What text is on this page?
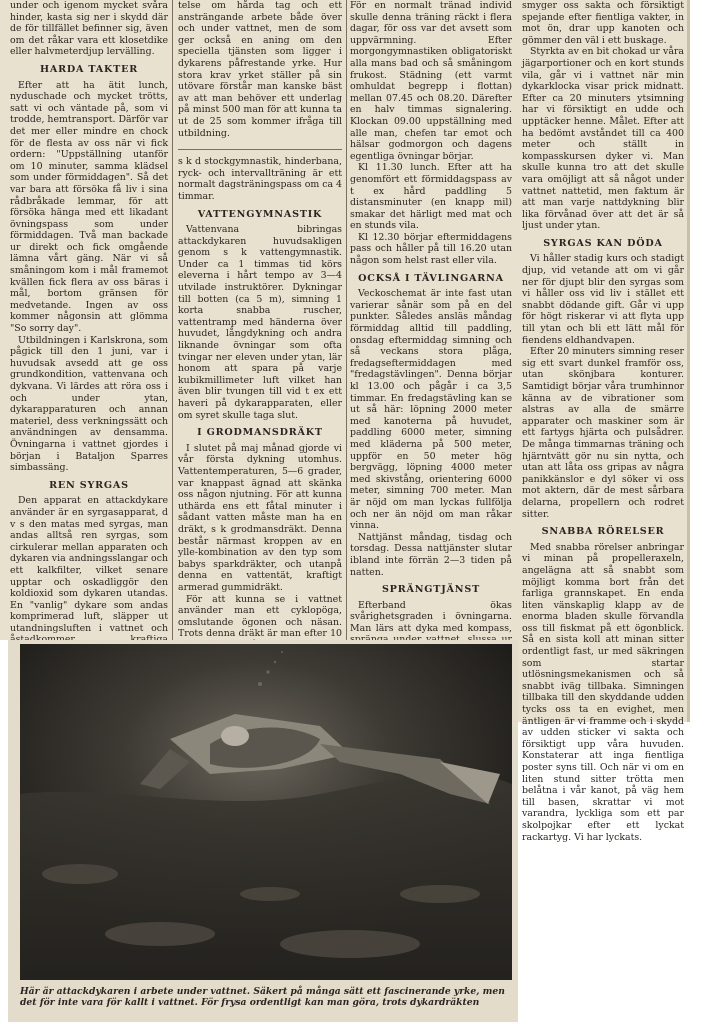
under och igenom mycket svåra hinder, kasta sig ner i skydd där de för tillfället befinner sig, även om det råkar vara ett klosetdike eller halvmeterdjup lervälling.

HARDA TAKTER

Efter att ha ätit lunch, nyduschade och mycket trötts, satt vi och väntade på, som vi trodde, hemtransport. Därför var det mer eller mindre en chock för de flesta av oss när vi fick ordern: "Uppställning utanför om 10 minuter, samma klädsel som under förmiddagen". Så det var bara att försöka få liv i sina rådbråkade lemmar, för att försöka hänga med ett likadant övningspass som under förmiddagen. Två man backade ur direkt och fick omgående lämna vårt gäng. När vi så småningom kom i mål framemot kvällen fick flera av oss bäras i mål, bortom gränsen för medvetande. Ingen av oss kommer någonsin att glömma "So sorry day".

Utbildningen i Karlskrona, som pågick till den 1 juni, var i huvudsak avsedd att ge oss grundkondition, vattenvana och dykvana. Vi lärdes att röra oss i och under ytan, dykarapparaturen och annan materiel, dess verkningssätt och användningen av densamma. Övningarna i vattnet gjordes i början i Bataljon Sparres simbassäng.

REN SYRGAS

Den apparat en attackdykare använder är en syrgasapparat, d v s den matas med syrgas, man andas alltså ren syrgas, som cirkulerar mellan apparaten och dykaren via andningsslangar och ett kalkfilter, vilket senare upptar och oskadliggör den koldioxid som dykaren utandas. En "vanlig" dykare som andas komprimerad luft, släpper ut utandningsluften i vattnet och

telse om hårda tag och ett ansträngande arbete både över och under vattnet, men de som ger också en aning om den speciella tjänsten som ligger i dykarens påfrestande yrke. Hur stora krav yrket ställer på sin utövare förstår man kanske bäst av att man behöver ett underlag på minst 500 man för att kunna ta ut de 25 som kommer ifråga till utbildning.

s k d stockgymnastik, hinderbana, ryck- och intervallträning är ett normalt dagsträningspass om ca 4 timmar.

VATTENGYMNASTIK

Vattenvana bibringas attackdykaren huvudsakligen genom s k vattengymnastik. Under ca 1 timmas tid körs eleverna i hårt tempo av 3—4 utvilade instruktörer. Dykningar till botten (ca 5 m), simning 1 korta snabba ruscher, vattentramp med händerna över huvudet, långdykning och andra liknande övningar som ofta tvingar ner eleven under ytan, lär honom att spara på varje kubikmillimeter luft vilket han även blir tvungen till vid t ex ett haveri på dykarapparaten, eller om syret skulle taga slut.

I GRODMANSDRÄKT

I slutet på maj månad gjorde vi vår första dykning utomhus. Vattentemperaturen, 5—6 grader, var knappast ägnad att skänka oss någon njutning. För att kunna uthärda ens ett fåtal minuter i sådant vatten måste man ha en dräkt, s k grodmansdräkt. Denna består närmast kroppen av en ylle-kombination av den typ som babys sparkdräkter, och utanpå denna en vattentät, kraftigt armerad gummidräkt.

För att kunna se i vattnet använder man ett cyklopöga, omslutande ögonen och näsan. Trots denna dräkt är man efter 10

För en normalt tränad individ skulle denna träning räckt i flera dagar, för oss var det avsett som uppvärmning. Efter morgongymnastiken obligatoriskt alla mans bad och så småningom frukost. Städning (ett varmt omhuldat begrepp i flottan) mellan 07.45 och 08.20. Därefter en halv timmas signalering. Klockan 09.00 uppställning med alle man, chefen tar emot och hälsar godmorgon och dagens egentliga övningar börjar.

Kl 11.30 lunch. Efter att ha genomfört ett förmiddagspass av t ex hård paddling 5 distansminuter (en knapp mil) smakar det härligt med mat och en stunds vila.

Kl 12.30 börjar eftermiddagens pass och håller på till 16.20 utan någon som helst rast eller vila.

OCKSÅ I TÄVLINGARNA

Veckoschemat är inte fast utan varierar sånär som på en del punkter. Således ansläs måndag förmiddag alltid till paddling, onsdag eftermiddag simning och så veckans stora plåga, fredagseftermiddagen med "fredagstävlingen". Denna börjar kl 13.00 och pågår i ca 3,5 timmar. En fredagstävling kan se ut så här: löpning 2000 meter med kanoterna på huvudet, paddling 6000 meter, simning med kläderna på 500 meter, uppför en 50 meter hög bergvägg, löpning 4000 meter med skivstång, orientering 6000 meter, simning 700 meter. Man är nöjd om man lyckas fullfölja och ner än nöjd om man råkar vinna.

Nattjänst måndag, tisdag och torsdag. Dessa nattjänster slutar ibland inte förrän 2—3 tiden på natten.

SPRÄNGTJÄNST

Efterband ökas svårighetsgraden i övningarna. Man lärs att dyka med kompass,

smyger oss sakta och försiktigt spejande efter fientliga vakter, in mot ön, drar upp kanoten och gömmer den väl i ett buskage.

Styrkta av en bit chokad ur våra jägarportioner och en kort stunds vila, går vi i vattnet när min dykarklocka visar prick midnatt. Efter ca 20 minuters ytsimning har vi försiktigt en udde och upptäcker henne. Målet. Efter att ha bedömt avståndet till ca 400 meter och ställt in kompasskursen dyker vi. Man skulle kunna tro att det skulle vara omöjligt att så något under vattnet nattetid, men faktum är att man varje nattdykning blir lika förvånad över att det är så ljust under ytan.

SYRGAS KAN DÖDA

Vi håller stadig kurs och stadigt djup, vid vetande att om vi går ner för djupt blir den syrgas som vi håller oss vid liv i stället ett snabbt dödande gift. Går vi upp för högt riskerar vi att flyta upp till ytan och bli ett lätt mål för fiendens eldhandvapen.

Efter 20 minuters simning reser sig ett svart dunkel framför oss, utan skönjbara konturer. Samtidigt börjar våra trumhinnor känna av de vibrationer som alstras av alla de smärre apparater och maskiner som är ett fartygs hjärta och pulsådrer. De många timmarnas träning och hjärntvätt gör nu sin nytta, och utan att låta oss gripas av några panikkänslor e dyl söker vi oss mot aktern, där de mest sårbara delarna, propellern och rodret sitter.

SNABBA RÖRELSER

Med snabba rörelser anbringar vi minan på propelleraxeln, angelägna att så snabbt som möjligt komma bort från det farliga grannskapet. En enda liten vänskaplig klapp av de enorma bladen skulle förvandla oss till fiskmat på ett ögonblick. Så en sista koll att minan sitter ordentligt fast, ur med säkringen som startar utlösningsmekanismen och så snabbt iväg tillbaka. Simningen tillbaka till den skyddande udden tycks oss ta en evighet, men äntligen är vi framme och i skydd av udden sticker vi sakta och försiktigt upp våra huvuden. Konstaterar att inga fientliga poster syns till. Och när vi om en liten stund sitter trötta men belåtna i vår kanot, på väg hem till basen, skrattar vi mot varandra, lyckliga som ett par skolpojkar efter ett lyckat rackartyg. Vi har lyckats.

Här är attackdykaren i arbete under vattnet. Säkert på många sätt ett fascinerande yrke, men det för inte vara för kallt i vattnet. För frysa ordentligt kan man göra, trots dykardräkten
